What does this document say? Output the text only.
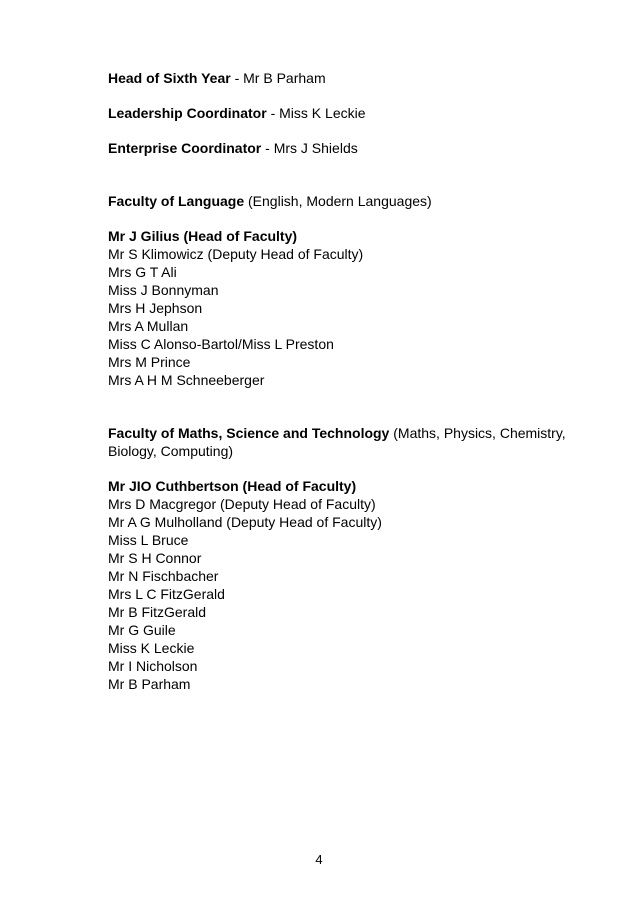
Head of Sixth Year - Mr B Parham

Leadership Coordinator - Miss K Leckie

Enterprise Coordinator - Mrs J Shields

Faculty of Language (English, Modern Languages)

Mr J Gilius (Head of Faculty)
Mr S Klimowicz (Deputy Head of Faculty)
Mrs G T Ali
Miss J Bonnyman
Mrs H Jephson
Mrs A Mullan
Miss C Alonso-Bartol/Miss L Preston
Mrs M Prince
Mrs A H M Schneeberger

Faculty of Maths, Science and Technology (Maths, Physics, Chemistry, Biology, Computing)

Mr JIO Cuthbertson (Head of Faculty)
Mrs D Macgregor (Deputy Head of Faculty)
Mr A G Mulholland (Deputy Head of Faculty)
Miss L Bruce
Mr S H Connor
Mr N Fischbacher
Mrs L C FitzGerald
Mr B FitzGerald
Mr G Guile
Miss K Leckie
Mr I Nicholson
Mr B Parham
4
